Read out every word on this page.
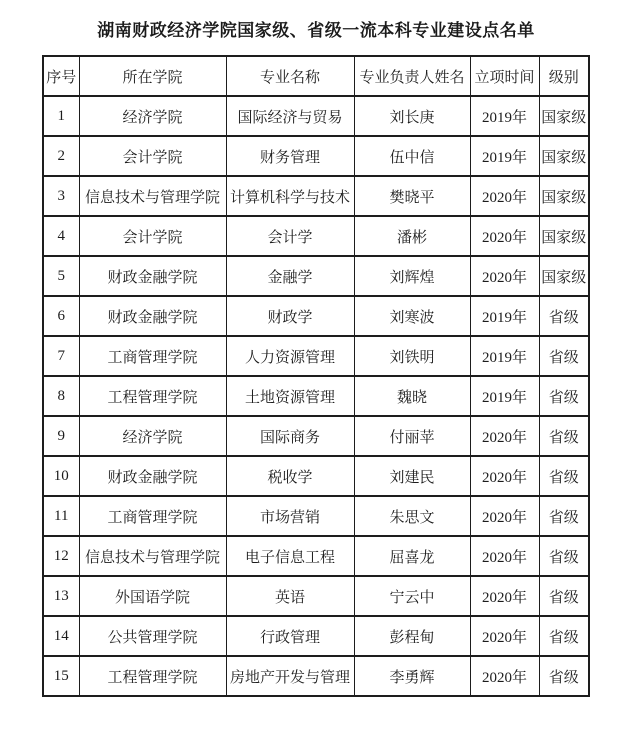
湖南财政经济学院国家级、省级一流本科专业建设点名单
序号	所在学院	专业名称	专业负责人姓名	立项时间	级别
1	经济学院	国际经济与贸易	刘长庚	2019年	国家级
2	会计学院	财务管理	伍中信	2019年	国家级
3	信息技术与管理学院	计算机科学与技术	樊晓平	2020年	国家级
4	会计学院	会计学	潘彬	2020年	国家级
5	财政金融学院	金融学	刘辉煌	2020年	国家级
6	财政金融学院	财政学	刘寒波	2019年	省级
7	工商管理学院	人力资源管理	刘铁明	2019年	省级
8	工程管理学院	土地资源管理	魏晓	2019年	省级
9	经济学院	国际商务	付丽苹	2020年	省级
10	财政金融学院	税收学	刘建民	2020年	省级
11	工商管理学院	市场营销	朱思文	2020年	省级
12	信息技术与管理学院	电子信息工程	屈喜龙	2020年	省级
13	外国语学院	英语	宁云中	2020年	省级
14	公共管理学院	行政管理	彭程甸	2020年	省级
15	工程管理学院	房地产开发与管理	李勇辉	2020年	省级
